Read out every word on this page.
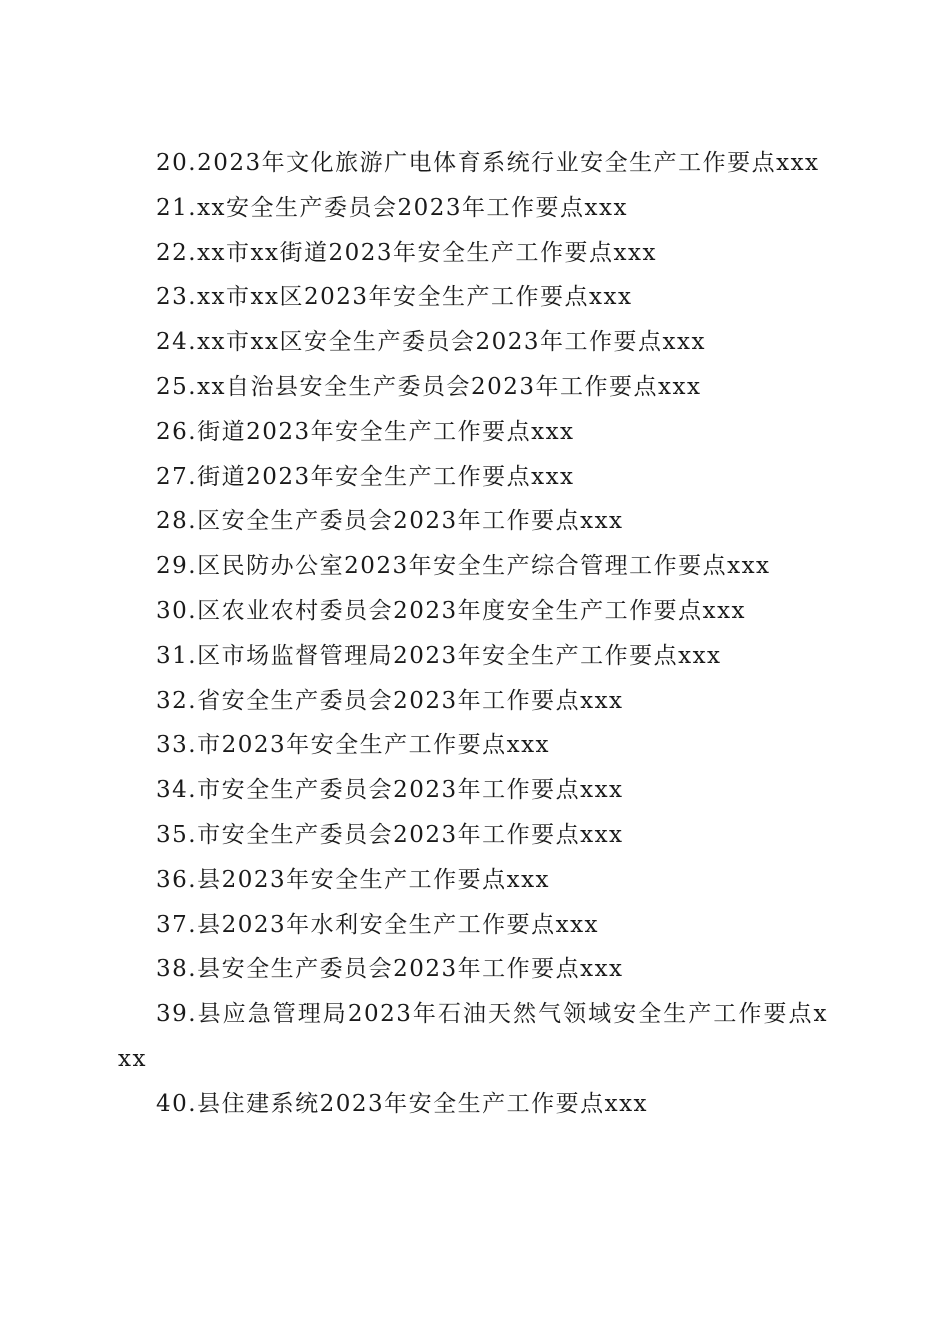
20.2023年文化旅游广电体育系统行业安全生产工作要点xxx

21.xx安全生产委员会2023年工作要点xxx

22.xx市xx街道2023年安全生产工作要点xxx

23.xx市xx区2023年安全生产工作要点xxx

24.xx市xx区安全生产委员会2023年工作要点xxx

25.xx自治县安全生产委员会2023年工作要点xxx

26.街道2023年安全生产工作要点xxx

27.街道2023年安全生产工作要点xxx

28.区安全生产委员会2023年工作要点xxx

29.区民防办公室2023年安全生产综合管理工作要点xxx

30.区农业农村委员会2023年度安全生产工作要点xxx

31.区市场监督管理局2023年安全生产工作要点xxx

32.省安全生产委员会2023年工作要点xxx

33.市2023年安全生产工作要点xxx

34.市安全生产委员会2023年工作要点xxx

35.市安全生产委员会2023年工作要点xxx

36.县2023年安全生产工作要点xxx

37.县2023年水利安全生产工作要点xxx

38.县安全生产委员会2023年工作要点xxx

39.县应急管理局2023年石油天然气领域安全生产工作要点xxx

40.县住建系统2023年安全生产工作要点xxx
